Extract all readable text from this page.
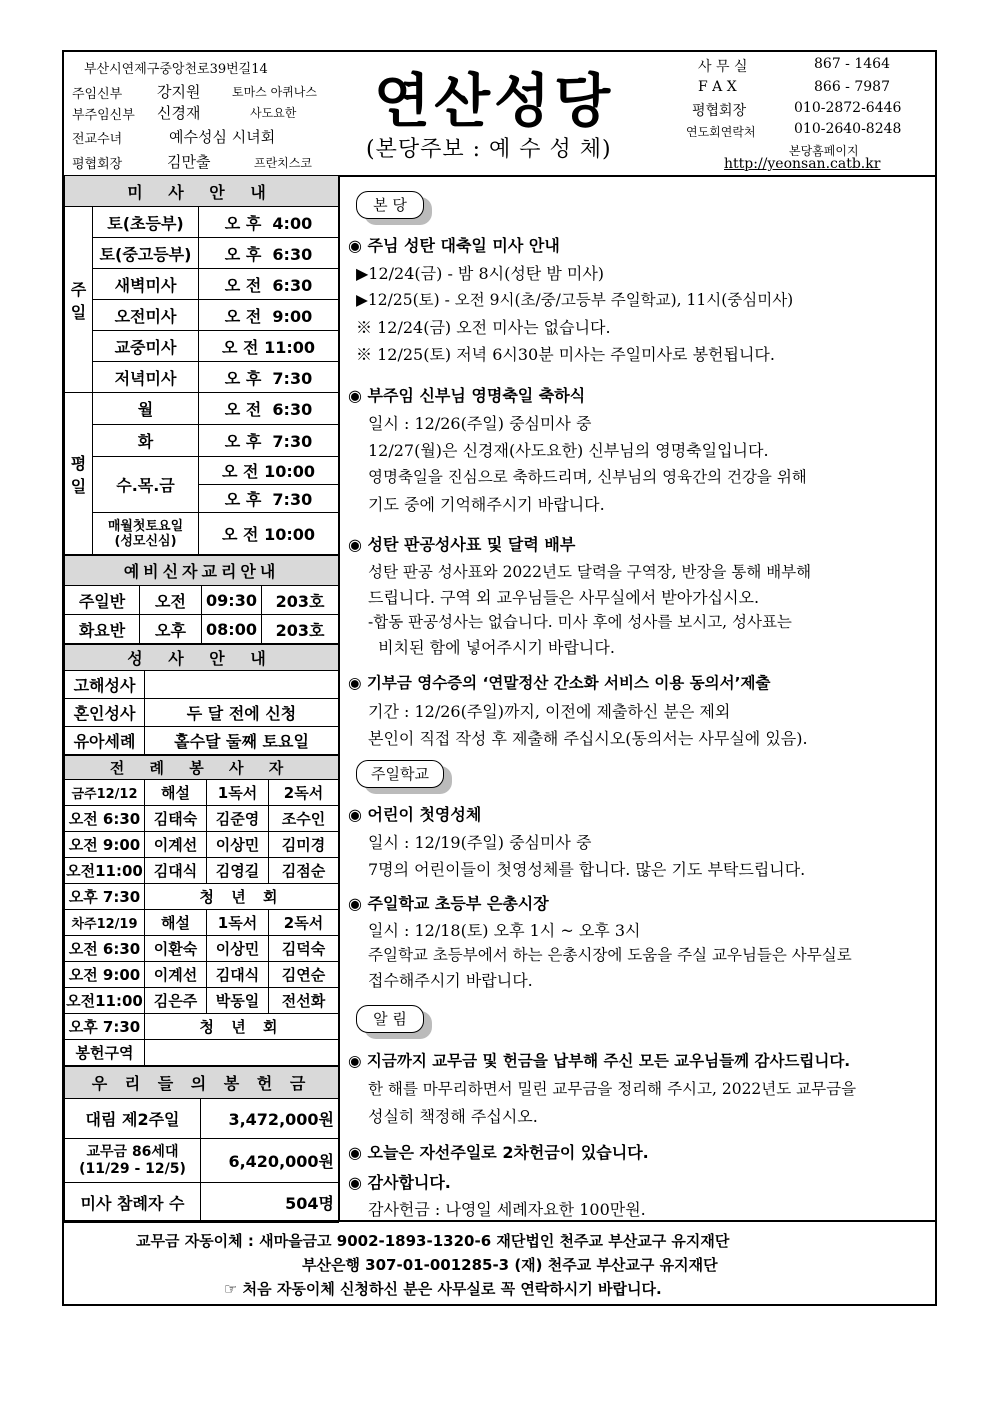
부산시연제구중앙천로39번길14
주임신부 강지원	토마스 아퀴나스
부주임신부 신경재	사도요한
전교수녀	예수성심 시녀회
평협회장	김만출	프란치스코
연산성당
(본당주보 : 예 수 성 체)
사 무 실	867 - 1464
F A X	866 - 7987
평협회장	010-2872-6446
연도회연락처	010-2640-8248
본당홈페이지
http://yeonsan.catb.kr
미 사 안 내		
주일	토(초등부)	오 후  4:00
	토(중고등부)	오 후  6:30
	새벽미사	오 전  6:30
	오전미사	오 전  9:00
	교중미사	오 전 11:00
	저녁미사	오 후  7:30
평일	월	오 전  6:30
	화	오 후  7:30
	수.목.금	오 전 10:00
		오 후  7:30
	매월첫토요일
(성모신심)	오 전 10:00
예비신자교리안내			
주일반	오전	09:30	203호
화요반	오후	08:00	203호
성 사 안 내	
고해성사	
혼인성사	두 달 전에 신청
유아세례	홀수달 둘째 토요일
전 례 봉 사 자			
금주12/12	해설	1독서	2독서
오전 6:30	김태숙	김준영	조수인
오전 9:00	이계선	이상민	김미경
오전11:00	김대식	김영길	김점순
오후 7:30	청 년 회		
차주12/19	해설	1독서	2독서
오전 6:30	이환숙	이상민	김덕숙
오전 9:00	이계선	김대식	김연순
오전11:00	김은주	박동일	전선화
오후 7:30	청 년 회		
봉헌구역			
우 리 들 의 봉 헌 금	
대림 제2주일	3,472,000원
교무금 86세대
(11/29 - 12/5)	6,420,000원
미사 참례자 수	504명
본 당
◉ 주님 성탄 대축일 미사 안내
▶12/24(금) - 밤 8시(성탄 밤 미사)
▶12/25(토) - 오전 9시(초/중/고등부 주일학교), 11시(중심미사)
※ 12/24(금) 오전 미사는 없습니다.
※ 12/25(토) 저녁 6시30분 미사는 주일미사로 봉헌됩니다.
◉ 부주임 신부님 영명축일 축하식
일시 : 12/26(주일) 중심미사 중
12/27(월)은 신경재(사도요한) 신부님의 영명축일입니다.
영명축일을 진심으로 축하드리며, 신부님의 영육간의 건강을 위해
기도 중에 기억해주시기 바랍니다.
◉ 성탄 판공성사표 및 달력 배부
성탄 판공 성사표와 2022년도 달력을 구역장, 반장을 통해 배부해
드립니다. 구역 외 교우님들은 사무실에서 받아가십시오.
-합동 판공성사는 없습니다. 미사 후에 성사를 보시고, 성사표는
비치된 함에 넣어주시기 바랍니다.
◉ 기부금 영수증의 ‘연말정산 간소화 서비스 이용 동의서’제출
기간 : 12/26(주일)까지, 이전에 제출하신 분은 제외
본인이 직접 작성 후 제출해 주십시오(동의서는 사무실에 있음).
주일학교
◉ 어린이 첫영성체
일시 : 12/19(주일) 중심미사 중
7명의 어린이들이 첫영성체를 합니다. 많은 기도 부탁드립니다.
◉ 주일학교 초등부 은총시장
일시 : 12/18(토) 오후 1시 ~ 오후 3시
주일학교 초등부에서 하는 은총시장에 도움을 주실 교우님들은 사무실로
접수해주시기 바랍니다.
알 림
◉ 지금까지 교무금 및 헌금을 납부해 주신 모든 교우님들께 감사드립니다.
한 해를 마무리하면서 밀린 교무금을 정리해 주시고, 2022년도 교무금을
성실히 책정해 주십시오.
◉ 오늘은 자선주일로 2차헌금이 있습니다.
◉ 감사합니다.
감사헌금 : 나영일 세례자요한 100만원.
교무금 자동이체 : 새마을금고 9002-1893-1320-6 재단법인 천주교 부산교구 유지재단
부산은행 307-01-001285-3 (재) 천주교 부산교구 유지재단
☞ 처음 자동이체 신청하신 분은 사무실로 꼭 연락하시기 바랍니다.
